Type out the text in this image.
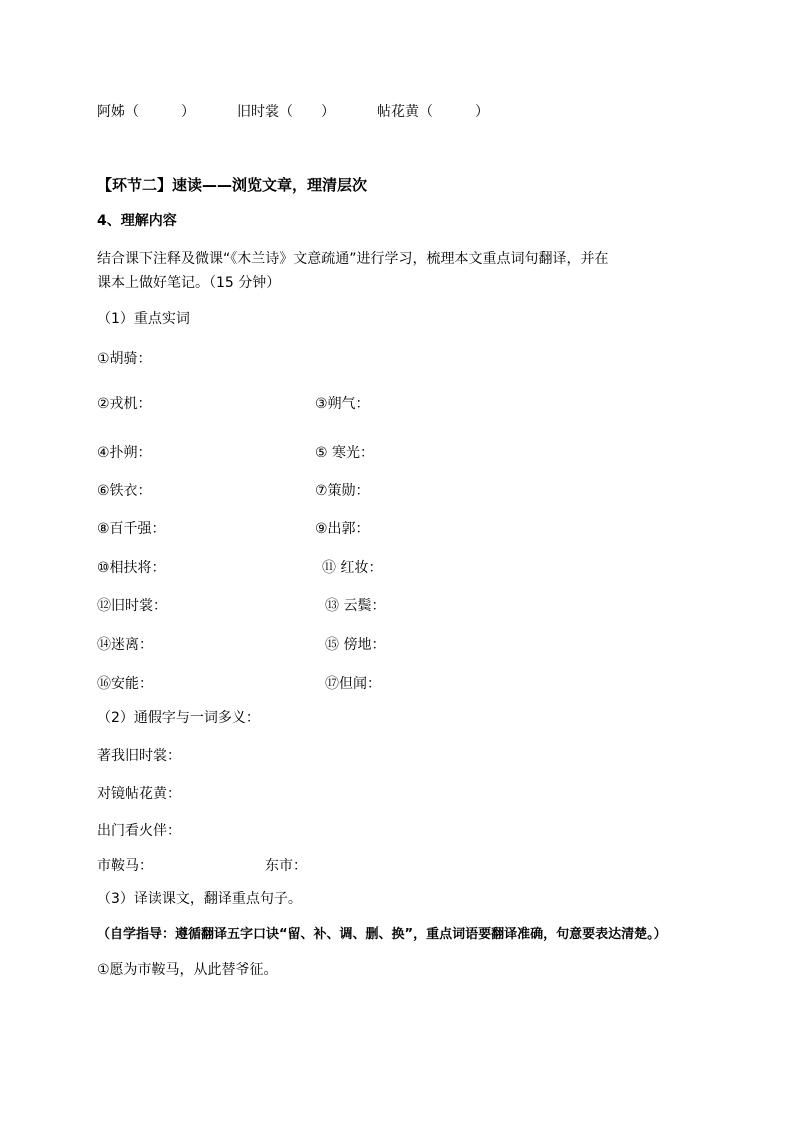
阿姊（　　　）	旧时裳（　　）	帖花黄（　　　）
【环节二】速读——浏览文章，理清层次
4、理解内容
结合课下注释及微课“《木兰诗》文意疏通”进行学习，梳理本文重点词句翻译，并在
课本上做好笔记。（15 分钟）
（1）重点实词
①胡骑：
②戎机：	③朔气：
④扑朔：	⑤ 寒光：
⑥铁衣：	⑦策勋：
⑧百千强：	⑨出郭：
⑩相扶将：	⑪ 红妆：
⑫旧时裳：	⑬ 云鬓：
⑭迷离：	⑮ 傍地：
⑯安能：	⑰但闻：
（2）通假字与一词多义：
著我旧时裳：
对镜帖花黄：
出门看火伴：
市鞍马：	东市：
（3）译读课文，翻译重点句子。
（自学指导：遵循翻译五字口诀“留、补、调、删、换”，重点词语要翻译准确，句意要表达清楚。）
①愿为市鞍马，从此替爷征。
